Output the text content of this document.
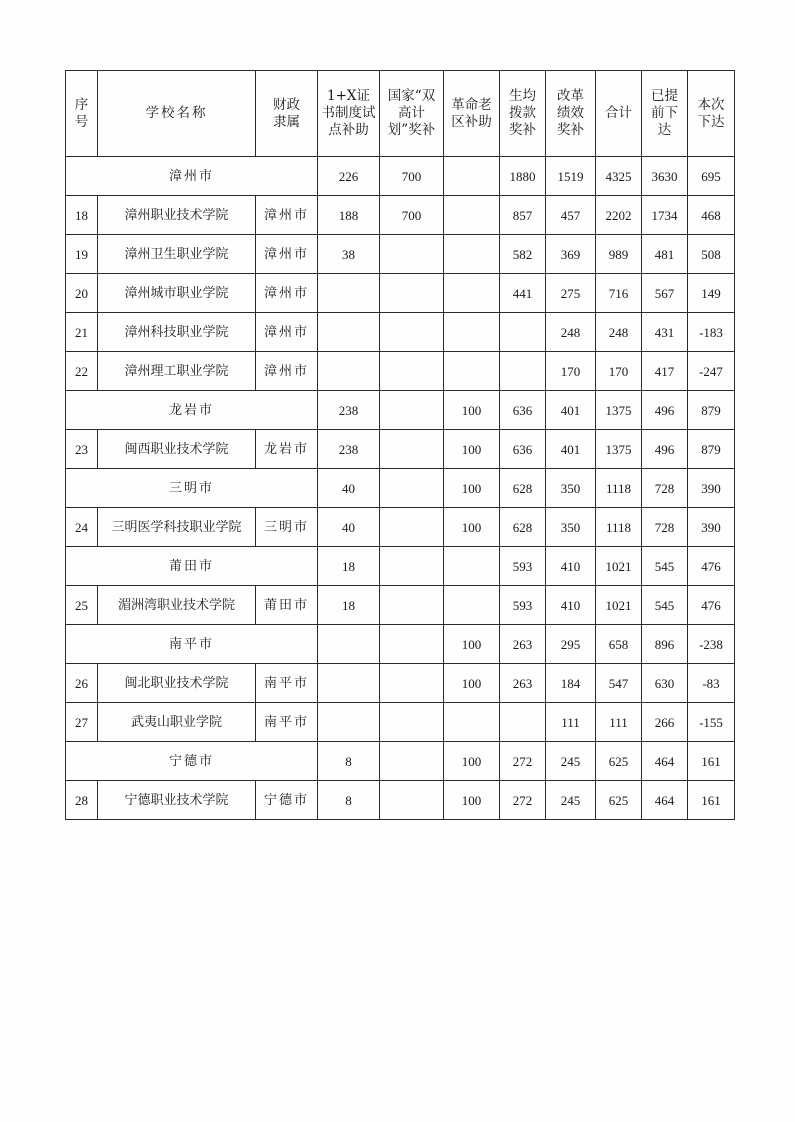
序号	学校名称	财政隶属	1+X证书制度试点补助	国家“双高计划”奖补	革命老区补助	生均拨款奖补	改革绩效奖补	合计	已提前下达	本次下达
漳州市			226	700		1880	1519	4325	3630	695
18	漳州职业技术学院	漳州市	188	700		857	457	2202	1734	468
19	漳州卫生职业学院	漳州市	38			582	369	989	481	508
20	漳州城市职业学院	漳州市				441	275	716	567	149
21	漳州科技职业学院	漳州市					248	248	431	-183
22	漳州理工职业学院	漳州市					170	170	417	-247
龙岩市			238		100	636	401	1375	496	879
23	闽西职业技术学院	龙岩市	238		100	636	401	1375	496	879
三明市			40		100	628	350	1118	728	390
24	三明医学科技职业学院	三明市	40		100	628	350	1118	728	390
莆田市			18			593	410	1021	545	476
25	湄洲湾职业技术学院	莆田市	18			593	410	1021	545	476
南平市					100	263	295	658	896	-238
26	闽北职业技术学院	南平市			100	263	184	547	630	-83
27	武夷山职业学院	南平市					111	111	266	-155
宁德市			8		100	272	245	625	464	161
28	宁德职业技术学院	宁德市	8		100	272	245	625	464	161
